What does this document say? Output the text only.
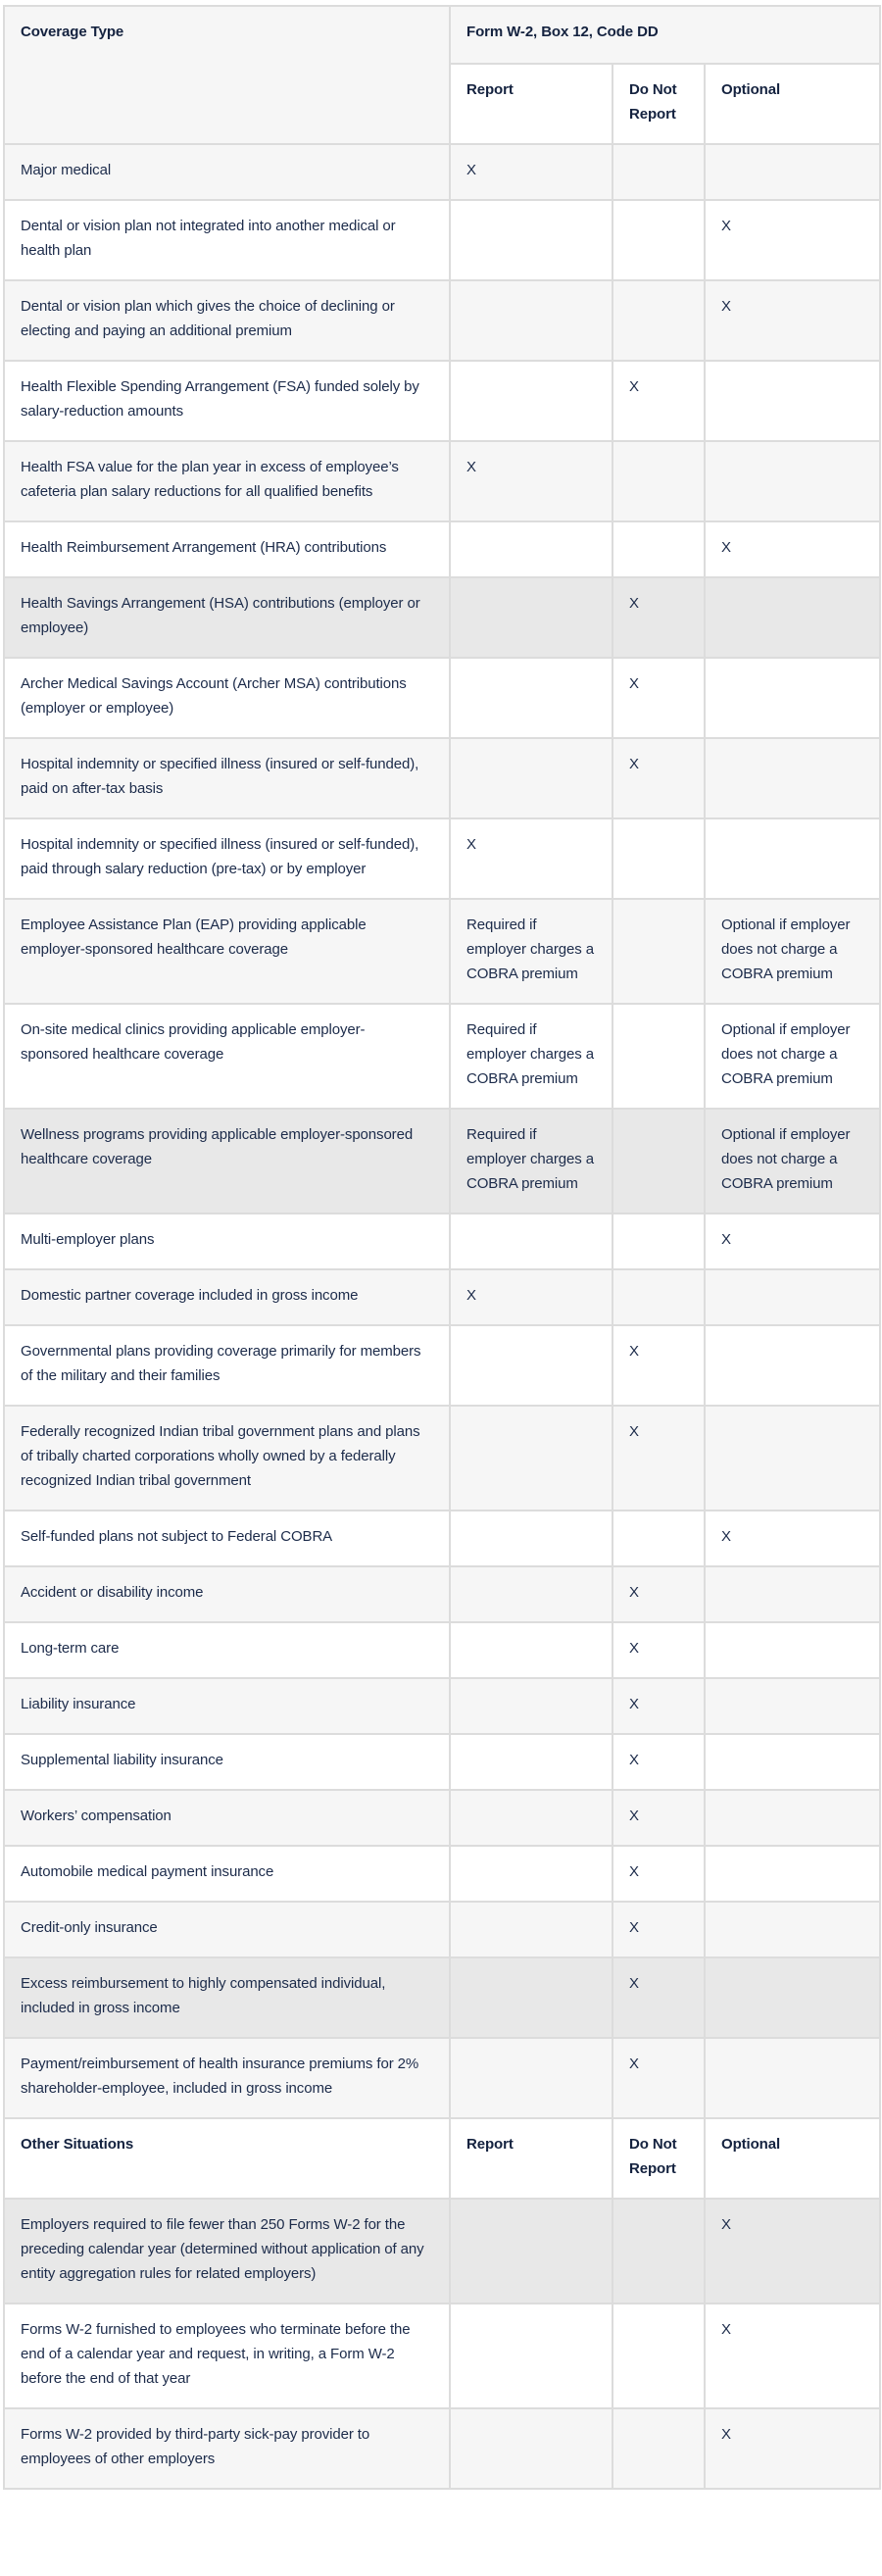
Coverage Type	Form W-2, Box 12, Code DD		
	Report	Do Not Report	Optional
Major medical	X		
Dental or vision plan not integrated into another medical or health plan			X
Dental or vision plan which gives the choice of declining or electing and paying an additional premium			X
Health Flexible Spending Arrangement (FSA) funded solely by salary-reduction amounts		X	
Health FSA value for the plan year in excess of employee’s cafeteria plan salary reductions for all qualified benefits	X		
Health Reimbursement Arrangement (HRA) contributions			X
Health Savings Arrangement (HSA) contributions (employer or employee)		X	
Archer Medical Savings Account (Archer MSA) contributions (employer or employee)		X	
Hospital indemnity or specified illness (insured or self-funded), paid on after-tax basis		X	
Hospital indemnity or specified illness (insured or self-funded), paid through salary reduction (pre-tax) or by employer	X		
Employee Assistance Plan (EAP) providing applicable employer-sponsored healthcare coverage	Required if employer charges a COBRA premium		Optional if employer does not charge a COBRA premium
On-site medical clinics providing applicable employer-sponsored healthcare coverage	Required if employer charges a COBRA premium		Optional if employer does not charge a COBRA premium
Wellness programs providing applicable employer-sponsored healthcare coverage	Required if employer charges a COBRA premium		Optional if employer does not charge a COBRA premium
Multi-employer plans			X
Domestic partner coverage included in gross income	X		
Governmental plans providing coverage primarily for members of the military and their families		X	
Federally recognized Indian tribal government plans and plans of tribally charted corporations wholly owned by a federally recognized Indian tribal government		X	
Self-funded plans not subject to Federal COBRA			X
Accident or disability income		X	
Long-term care		X	
Liability insurance		X	
Supplemental liability insurance		X	
Workers’ compensation		X	
Automobile medical payment insurance		X	
Credit-only insurance		X	
Excess reimbursement to highly compensated individual, included in gross income		X	
Payment/reimbursement of health insurance premiums for 2% shareholder-employee, included in gross income		X	
Other Situations	Report	Do Not Report	Optional
Employers required to file fewer than 250 Forms W-2 for the preceding calendar year (determined without application of any entity aggregation rules for related employers)			X
Forms W-2 furnished to employees who terminate before the end of a calendar year and request, in writing, a Form W-2 before the end of that year			X
Forms W-2 provided by third-party sick-pay provider to employees of other employers			X
